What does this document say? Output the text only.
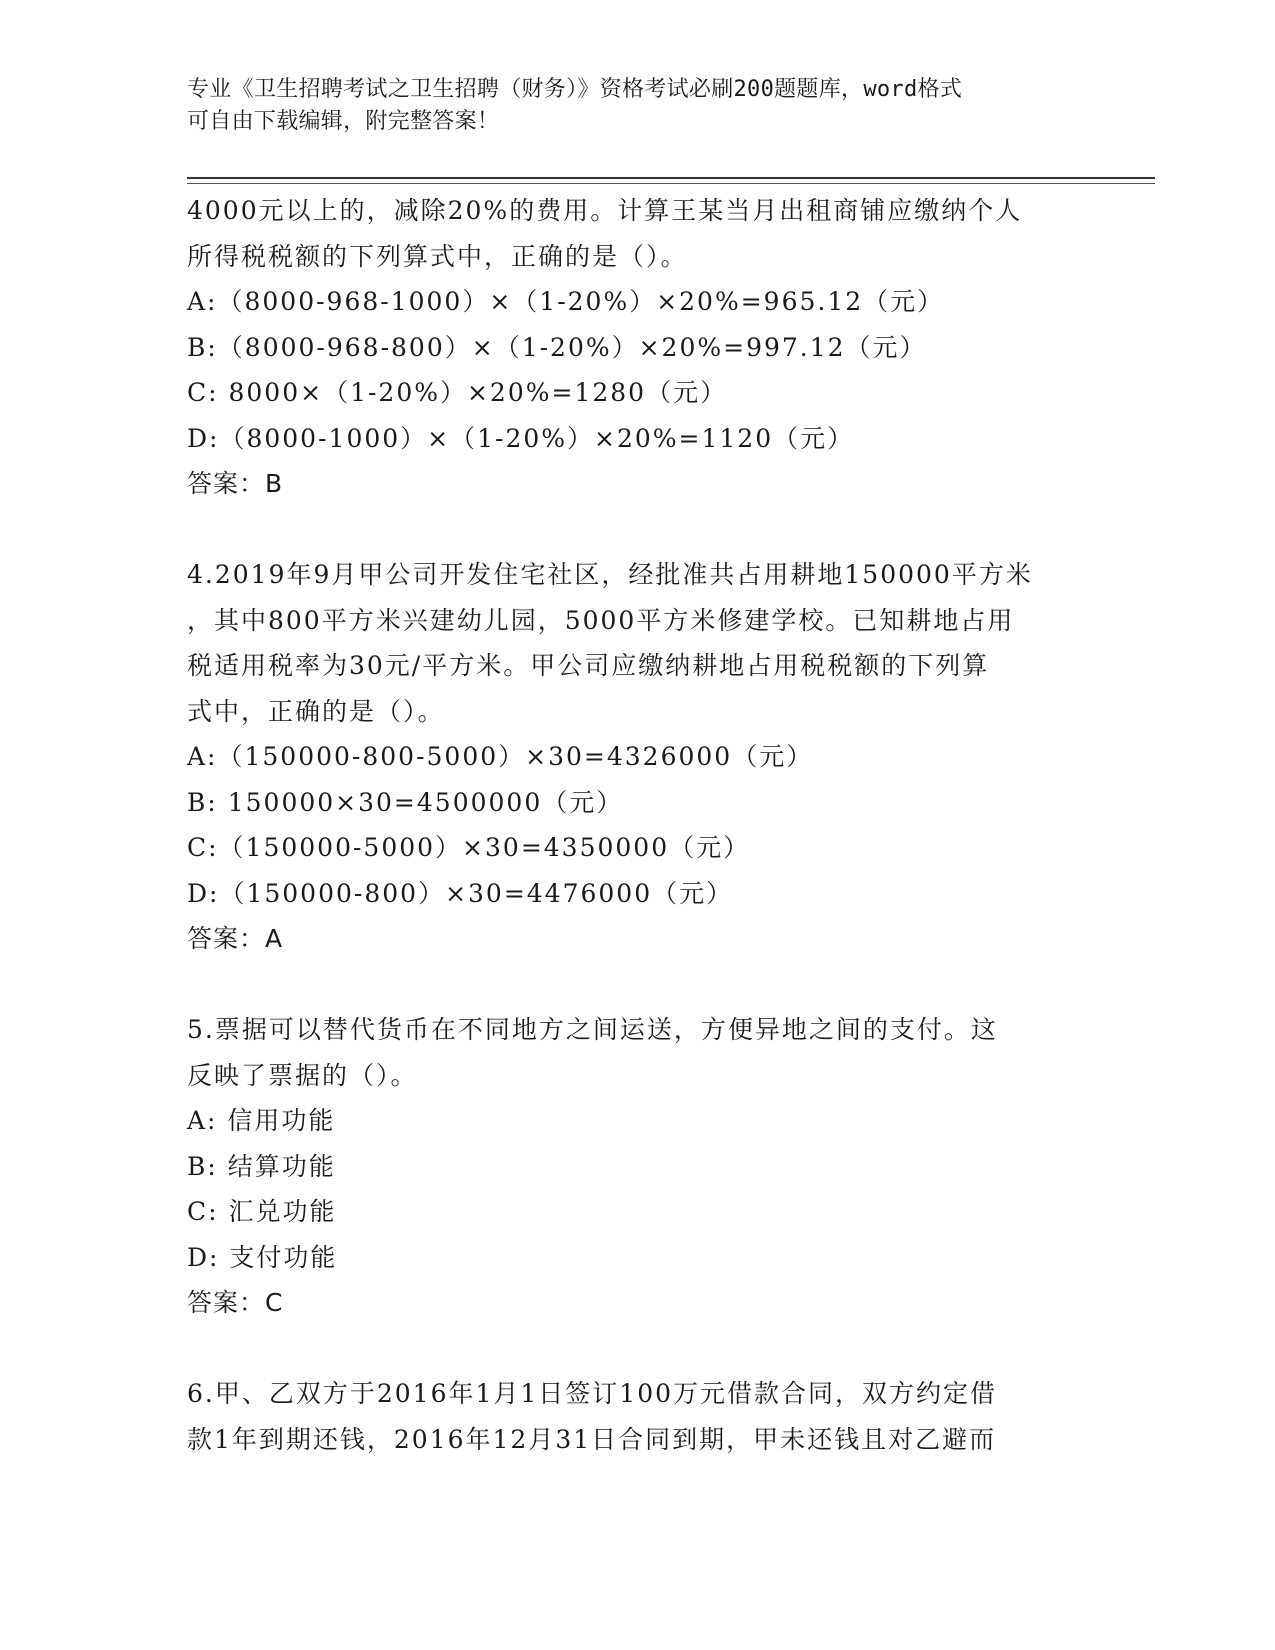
专业《卫生招聘考试之卫生招聘（财务）》资格考试必刷200题题库，word格式
可自由下载编辑，附完整答案！
4000元以上的，减除20%的费用。计算王某当月出租商铺应缴纳个人
所得税税额的下列算式中，正确的是（）。
A:（8000-968-1000）×（1-20%）×20%=965.12（元）
B:（8000-968-800）×（1-20%）×20%=997.12（元）
C: 8000×（1-20%）×20%=1280（元）
D:（8000-1000）×（1-20%）×20%=1120（元）
答案：B
4.2019年9月甲公司开发住宅社区，经批准共占用耕地150000平方米
，其中800平方米兴建幼儿园，5000平方米修建学校。已知耕地占用
税适用税率为30元/平方米。甲公司应缴纳耕地占用税税额的下列算
式中，正确的是（）。
A:（150000-800-5000）×30=4326000（元）
B: 150000×30=4500000（元）
C:（150000-5000）×30=4350000（元）
D:（150000-800）×30=4476000（元）
答案：A
5.票据可以替代货币在不同地方之间运送，方便异地之间的支付。这
反映了票据的（）。
A: 信用功能
B: 结算功能
C: 汇兑功能
D: 支付功能
答案：C
6.甲、乙双方于2016年1月1日签订100万元借款合同，双方约定借
款1年到期还钱，2016年12月31日合同到期，甲未还钱且对乙避而
